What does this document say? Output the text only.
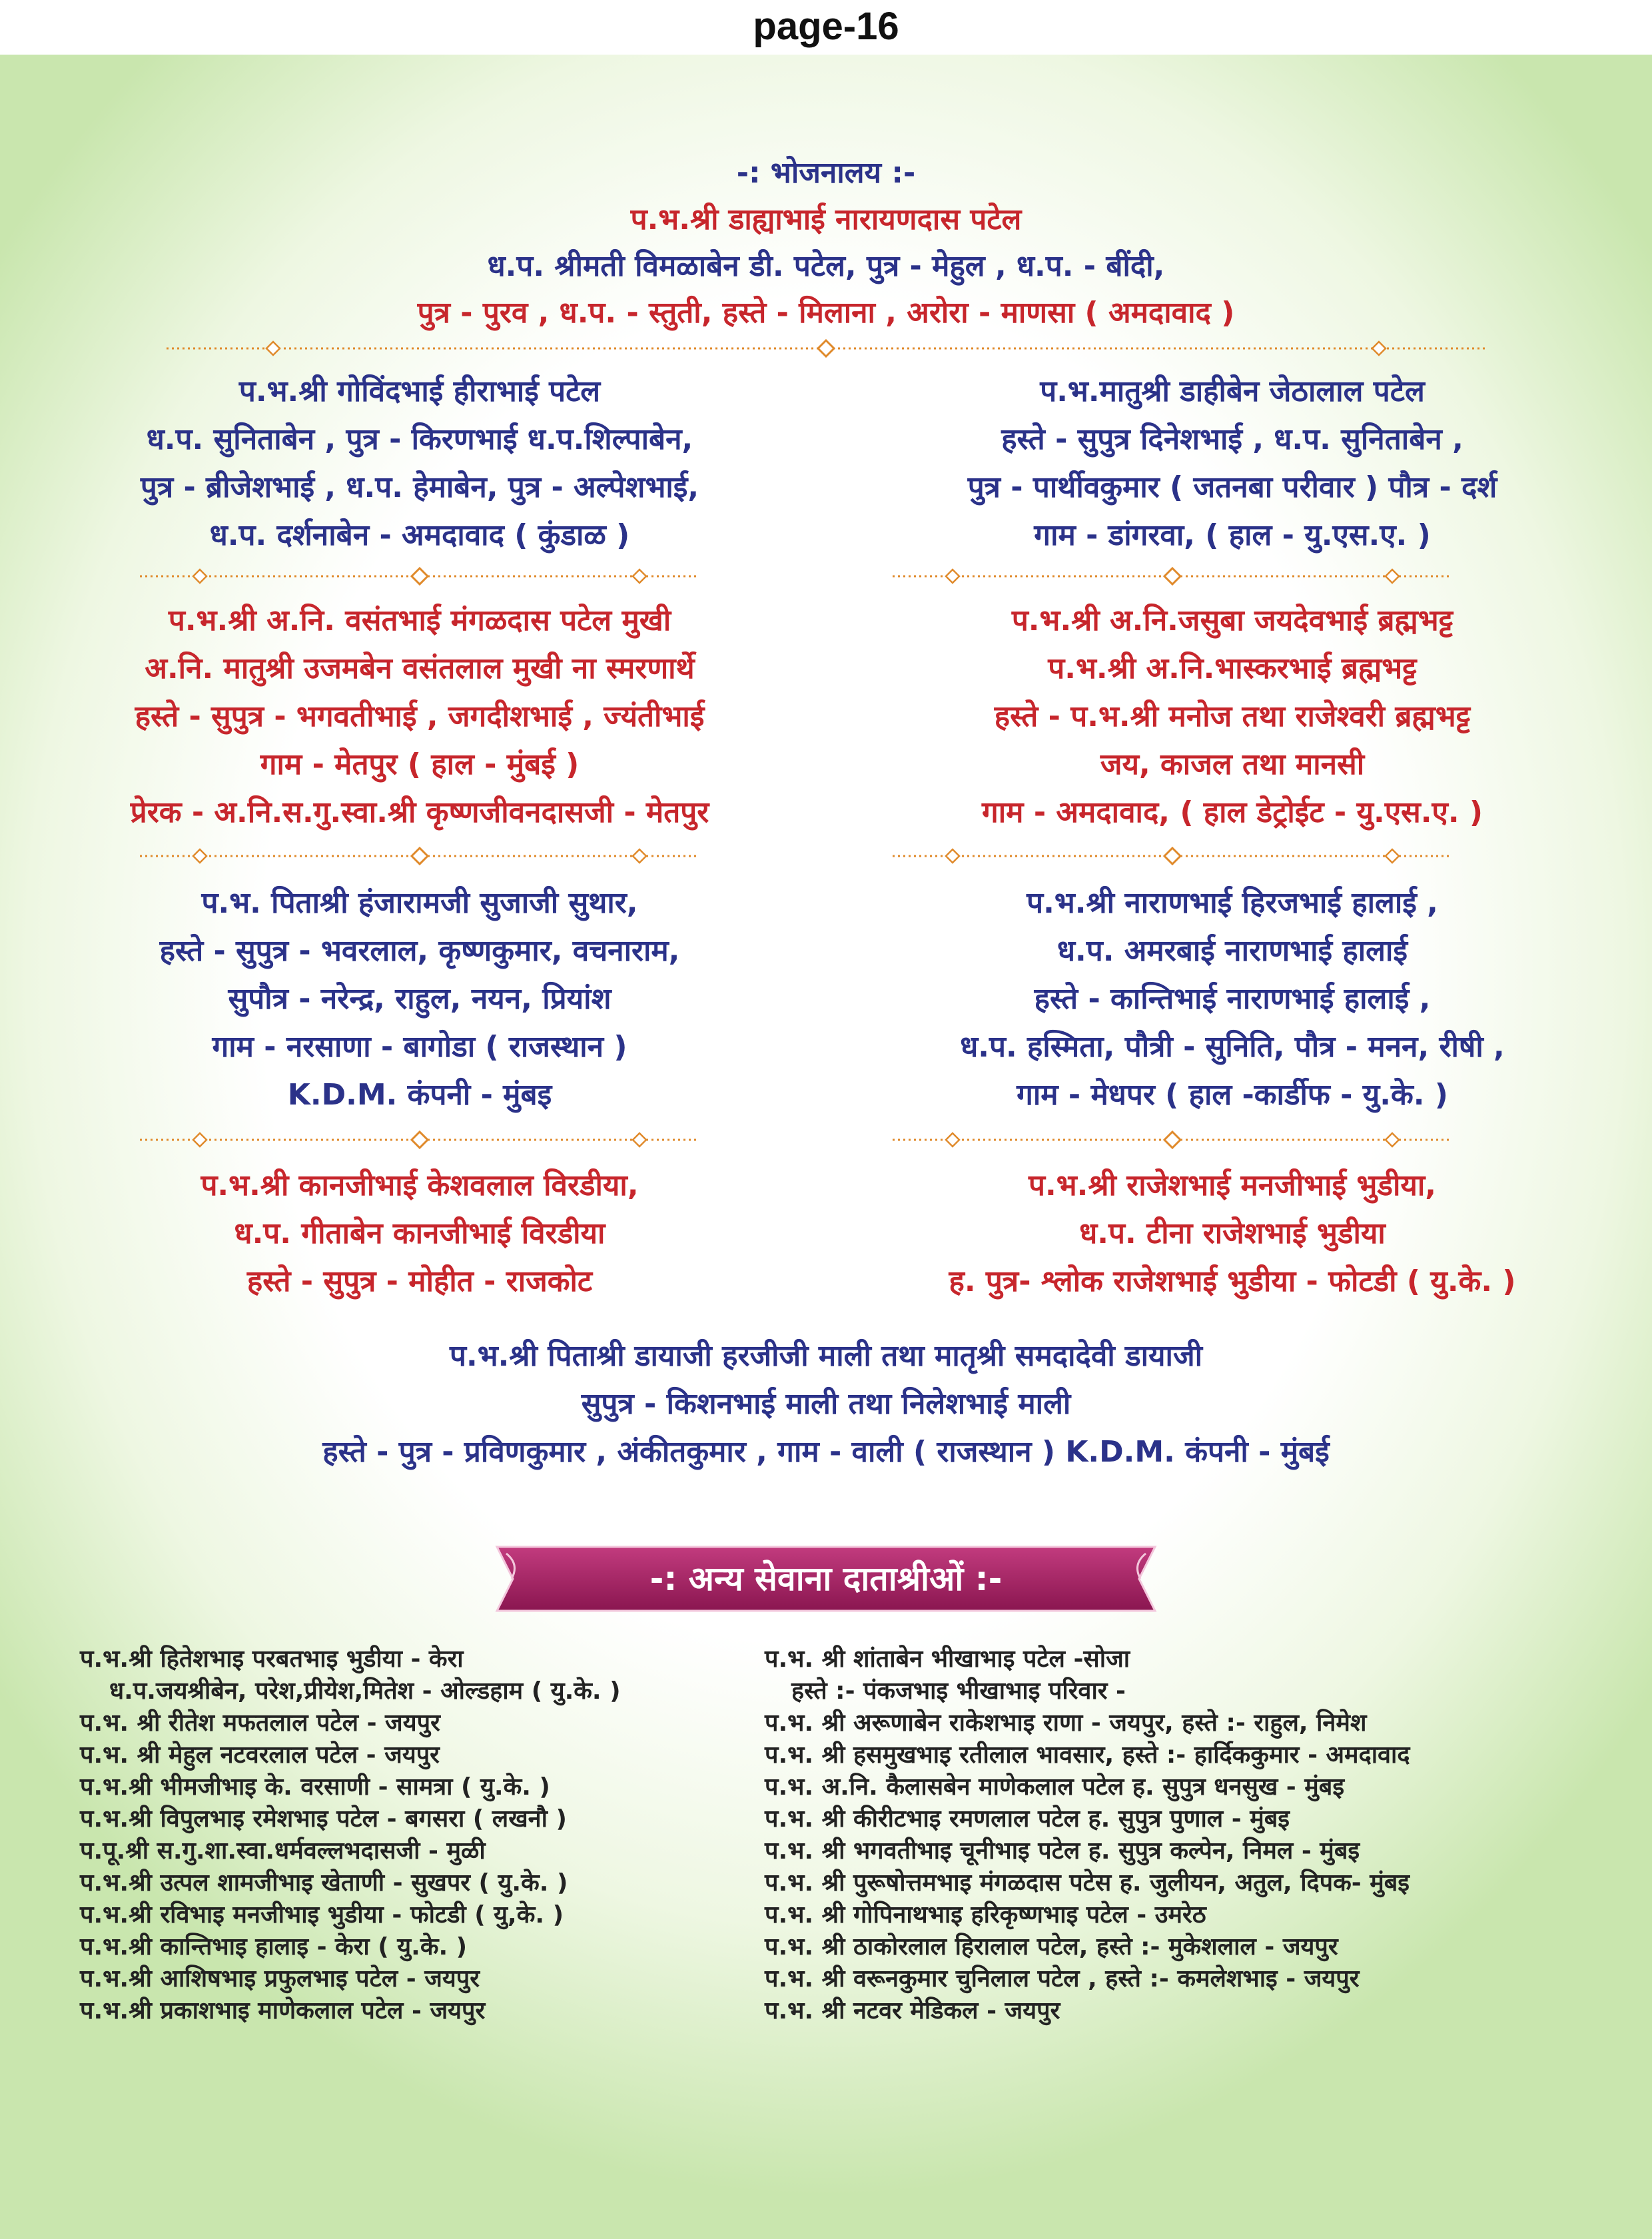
page-16
-: भोजनालय :-
प.भ.श्री डाह्याभाई नारायणदास पटेल
ध.प. श्रीमती विमळाबेन डी. पटेल, पुत्र - मेहुल , ध.प. - बींदी,
पुत्र - पुरव , ध.प. - स्तुती, हस्ते - मिलाना , अरोरा - माणसा ( अमदावाद )
प.भ.श्री गोविंदभाई हीराभाई पटेल
ध.प. सुनिताबेन , पुत्र - किरणभाई ध.प.शिल्पाबेन,
पुत्र - ब्रीजेशभाई , ध.प. हेमाबेन, पुत्र - अल्पेशभाई,
ध.प. दर्शनाबेन - अमदावाद ( कुंडाळ )
प.भ.मातुश्री डाहीबेन जेठालाल पटेल
हस्ते - सुपुत्र दिनेशभाई , ध.प. सुनिताबेन ,
पुत्र - पार्थीवकुमार ( जतनबा परीवार ) पौत्र - दर्श
गाम - डांगरवा, ( हाल - यु.एस.ए. )
प.भ.श्री अ.नि. वसंतभाई मंगळदास पटेल मुखी
अ.नि. मातुश्री उजमबेन वसंतलाल मुखी ना स्मरणार्थे
हस्ते - सुपुत्र - भगवतीभाई , जगदीशभाई , ज्यंतीभाई
गाम - मेतपुर ( हाल - मुंबई )
प्रेरक - अ.नि.स.गु.स्वा.श्री कृष्णजीवनदासजी - मेतपुर
प.भ.श्री अ.नि.जसुबा जयदेवभाई ब्रह्मभट्ट
प.भ.श्री अ.नि.भास्करभाई ब्रह्मभट्ट
हस्ते - प.भ.श्री मनोज तथा राजेश्वरी ब्रह्मभट्ट
जय, काजल तथा मानसी
गाम - अमदावाद, ( हाल डेट्रोईट - यु.एस.ए. )
प.भ. पिताश्री हंजारामजी सुजाजी सुथार,
हस्ते - सुपुत्र - भवरलाल, कृष्णकुमार, वचनाराम,
सुपौत्र - नरेन्द्र, राहुल, नयन, प्रियांश
गाम - नरसाणा - बागोडा ( राजस्थान )
K.D.M. कंपनी - मुंबइ
प.भ.श्री नाराणभाई हिरजभाई हालाई ,
ध.प. अमरबाई नाराणभाई हालाई
हस्ते - कान्तिभाई नाराणभाई हालाई ,
ध.प. हस्मिता, पौत्री - सुनिति, पौत्र - मनन, रीषी ,
गाम - मेधपर ( हाल -कार्डीफ - यु.के. )
प.भ.श्री कानजीभाई केशवलाल विरडीया,
ध.प. गीताबेन कानजीभाई विरडीया
हस्ते - सुपुत्र - मोहीत - राजकोट
प.भ.श्री राजेशभाई मनजीभाई भुडीया,
ध.प. टीना राजेशभाई भुडीया
ह. पुत्र- श्लोक राजेशभाई भुडीया - फोटडी ( यु.के. )
प.भ.श्री पिताश्री डायाजी हरजीजी माली तथा मातृश्री समदादेवी डायाजी
सुपुत्र - किशनभाई माली तथा निलेशभाई माली
हस्ते - पुत्र - प्रविणकुमार , अंकीतकुमार , गाम - वाली ( राजस्थान ) K.D.M. कंपनी - मुंबई
-: अन्य सेवाना दाताश्रीओं :-
प.भ.श्री हितेशभाइ परबतभाइ भुडीया - केरा
ध.प.जयश्रीबेन, परेश,प्रीयेश,मितेश - ओल्डहाम ( यु.के. )
प.भ. श्री रीतेश मफतलाल पटेल - जयपुर
प.भ. श्री मेहुल नटवरलाल पटेल - जयपुर
प.भ.श्री भीमजीभाइ के. वरसाणी - सामत्रा ( यु.के. )
प.भ.श्री विपुलभाइ रमेशभाइ पटेल - बगसरा ( लखनौ )
प.पू.श्री स.गु.शा.स्वा.धर्मवल्लभदासजी - मुळी
प.भ.श्री उत्पल शामजीभाइ खेताणी - सुखपर ( यु.के. )
प.भ.श्री रविभाइ मनजीभाइ भुडीया - फोटडी ( यु,के. )
प.भ.श्री कान्तिभाइ हालाइ - केरा ( यु.के. )
प.भ.श्री आशिषभाइ प्रफुलभाइ पटेल - जयपुर
प.भ.श्री प्रकाशभाइ माणेकलाल पटेल - जयपुर
प.भ. श्री शांताबेन भीखाभाइ पटेल -सोजा
हस्ते :- पंकजभाइ भीखाभाइ परिवार -
प.भ. श्री अरूणाबेन राकेशभाइ राणा - जयपुर, हस्ते :- राहुल, निमेश
प.भ. श्री हसमुखभाइ रतीलाल भावसार, हस्ते :- हार्दिककुमार - अमदावाद
प.भ. अ.नि. कैलासबेन माणेकलाल पटेल ह. सुपुत्र धनसुख - मुंबइ
प.भ. श्री कीरीटभाइ रमणलाल पटेल ह. सुपुत्र पुणाल - मुंबइ
प.भ. श्री भगवतीभाइ चूनीभाइ पटेल ह. सुपुत्र कल्पेन, निमल - मुंबइ
प.भ. श्री पुरूषोत्तमभाइ मंगळदास पटेस ह. जुलीयन, अतुल, दिपक- मुंबइ
प.भ. श्री गोपिनाथभाइ हरिकृष्णभाइ पटेल - उमरेठ
प.भ. श्री ठाकोरलाल हिरालाल पटेल, हस्ते :- मुकेशलाल - जयपुर
प.भ. श्री वरूनकुमार चुनिलाल पटेल , हस्ते :- कमलेशभाइ - जयपुर
प.भ. श्री नटवर मेडिकल - जयपुर
